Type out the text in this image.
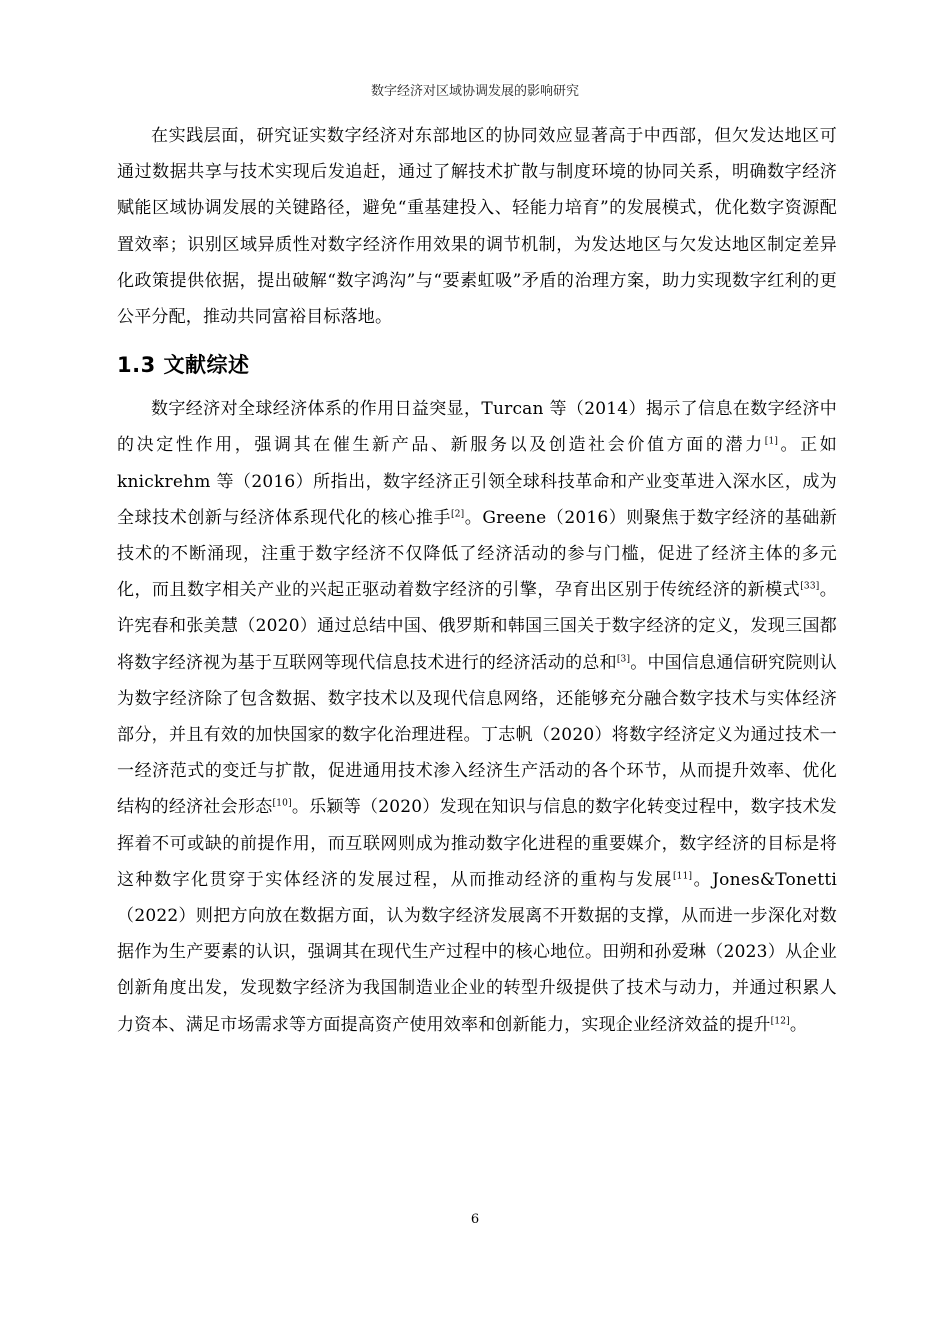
数字经济对区域协调发展的影响研究

在实践层面，研究证实数字经济对东部地区的协同效应显著高于中西部，但欠发达地区可通过数据共享与技术实现后发追赶，通过了解技术扩散与制度环境的协同关系，明确数字经济赋能区域协调发展的关键路径，避免“重基建投入、轻能力培育”的发展模式，优化数字资源配置效率；识别区域异质性对数字经济作用效果的调节机制，为发达地区与欠发达地区制定差异化政策提供依据，提出破解“数字鸿沟”与“要素虹吸”矛盾的治理方案，助力实现数字红利的更公平分配，推动共同富裕目标落地。

1.3 文献综述

数字经济对全球经济体系的作用日益突显，Turcan 等（2014）揭示了信息在数字经济中的决定性作用，强调其在催生新产品、新服务以及创造社会价值方面的潜力[1]。正如 knickrehm 等（2016）所指出，数字经济正引领全球科技革命和产业变革进入深水区，成为全球技术创新与经济体系现代化的核心推手[2]。Greene（2016）则聚焦于数字经济的基础新技术的不断涌现，注重于数字经济不仅降低了经济活动的参与门槛，促进了经济主体的多元化，而且数字相关产业的兴起正驱动着数字经济的引擎，孕育出区别于传统经济的新模式[33]。许宪春和张美慧（2020）通过总结中国、俄罗斯和韩国三国关于数字经济的定义，发现三国都将数字经济视为基于互联网等现代信息技术进行的经济活动的总和[3]。中国信息通信研究院则认为数字经济除了包含数据、数字技术以及现代信息网络，还能够充分融合数字技术与实体经济部分，并且有效的加快国家的数字化治理进程。丁志帆（2020）将数字经济定义为通过技术一一经济范式的变迁与扩散，促进通用技术渗入经济生产活动的各个环节，从而提升效率、优化结构的经济社会形态[10]。乐颖等（2020）发现在知识与信息的数字化转变过程中，数字技术发挥着不可或缺的前提作用，而互联网则成为推动数字化进程的重要媒介，数字经济的目标是将这种数字化贯穿于实体经济的发展过程，从而推动经济的重构与发展[11]。Jones&Tonetti（2022）则把方向放在数据方面，认为数字经济发展离不开数据的支撑，从而进一步深化对数据作为生产要素的认识，强调其在现代生产过程中的核心地位。田朔和孙爱琳（2023）从企业创新角度出发，发现数字经济为我国制造业企业的转型升级提供了技术与动力，并通过积累人力资本、满足市场需求等方面提高资产使用效率和创新能力，实现企业经济效益的提升[12]。

6
